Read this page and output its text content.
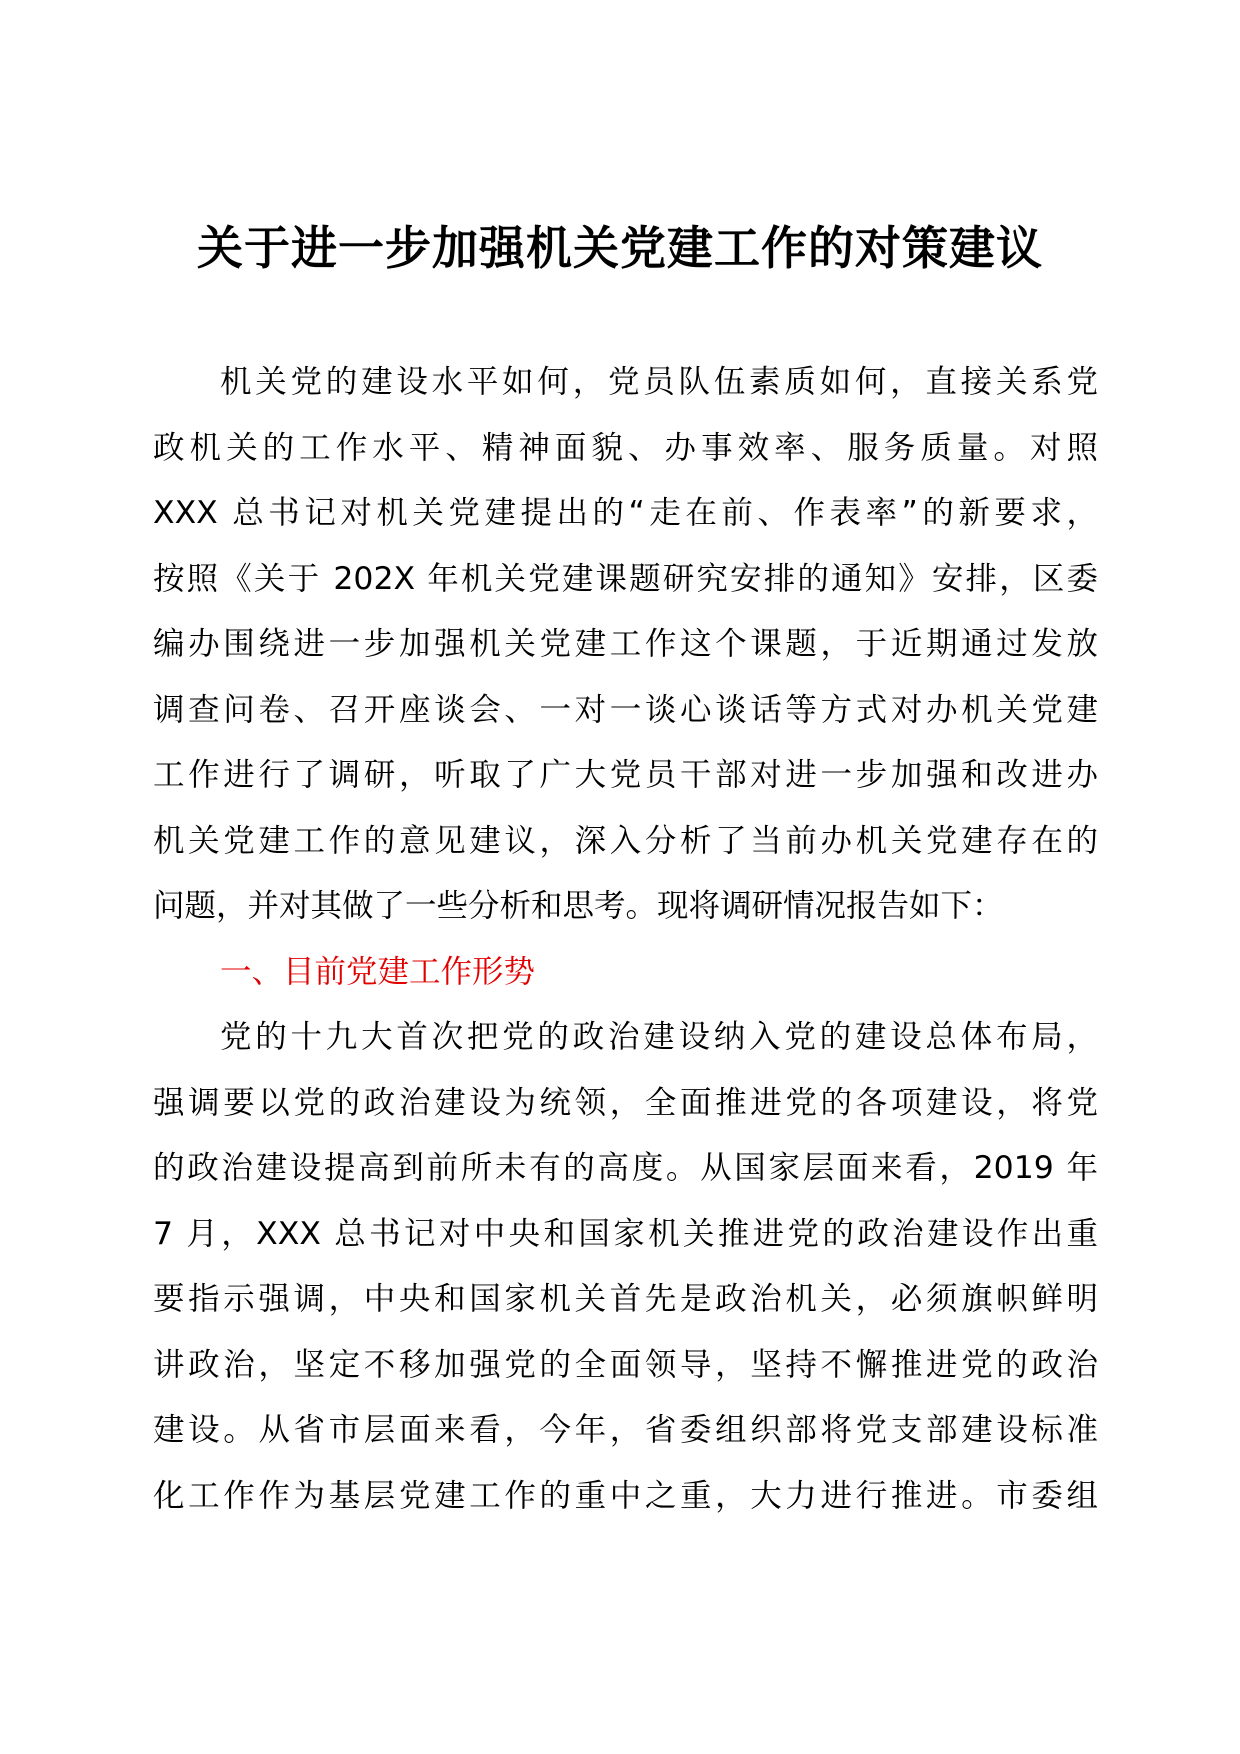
关于进一步加强机关党建工作的对策建议
机关党的建设水平如何，党员队伍素质如何，直接关系党
政机关的工作水平、精神面貌、办事效率、服务质量。对照
XXX 总书记对机关党建提出的“走在前、作表率”的新要求，
按照《关于 202X 年机关党建课题研究安排的通知》安排，区委
编办围绕进一步加强机关党建工作这个课题，于近期通过发放
调查问卷、召开座谈会、一对一谈心谈话等方式对办机关党建
工作进行了调研，听取了广大党员干部对进一步加强和改进办
机关党建工作的意见建议，深入分析了当前办机关党建存在的
问题，并对其做了一些分析和思考。现将调研情况报告如下：
一、目前党建工作形势
党的十九大首次把党的政治建设纳入党的建设总体布局，
强调要以党的政治建设为统领，全面推进党的各项建设，将党
的政治建设提高到前所未有的高度。从国家层面来看，2019 年
7 月，XXX 总书记对中央和国家机关推进党的政治建设作出重
要指示强调，中央和国家机关首先是政治机关，必须旗帜鲜明
讲政治，坚定不移加强党的全面领导，坚持不懈推进党的政治
建设。从省市层面来看，今年，省委组织部将党支部建设标准
化工作作为基层党建工作的重中之重，大力进行推进。市委组
